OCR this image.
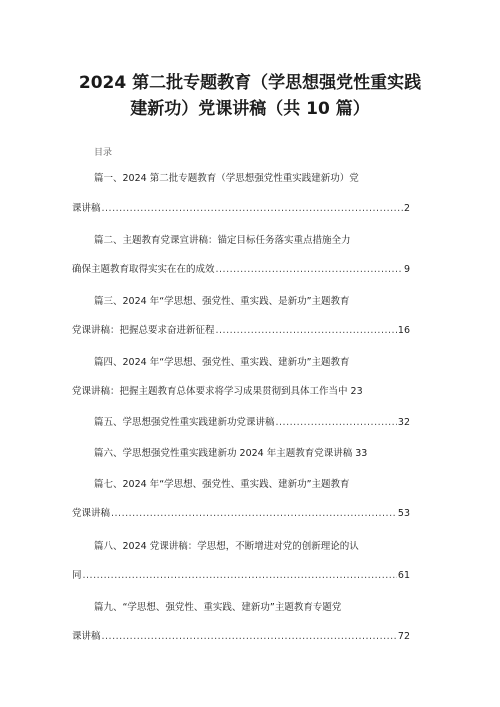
2024 第二批专题教育（学思想强党性重实践
建新功）党课讲稿（共 10 篇）
目录
篇一、2024 第二批专题教育（学思想强党性重实践建新功）党
课讲稿 .....	2
篇二、主题教育党课宣讲稿：锚定目标任务落实重点措施全力
确保主题教育取得实实在在的成效 .....	9
篇三、2024 年“学思想、强党性、重实践、是新功”主题教育
党课讲稿：把握总要求奋进新征程 .....	16
篇四、2024 年“学思想、强党性、重实践、建新功”主题教育
党课讲稿：把握主题教育总体要求将学习成果贯彻到具体工作当中 23
篇五、学思想强党性重实践建新功党课讲稿 .....	32
篇六、学思想强党性重实践建新功 2024 年主题教育党课讲稿 33
篇七、2024 年“学思想、强党性、重实践、建新功”主题教育
党课讲稿 .....	53
篇八、2024 党课讲稿：学思想，不断增进对党的创新理论的认
同 .....	61
篇九、“学思想、强党性、重实践、建新功”主题教育专题党
课讲稿 .....	72
